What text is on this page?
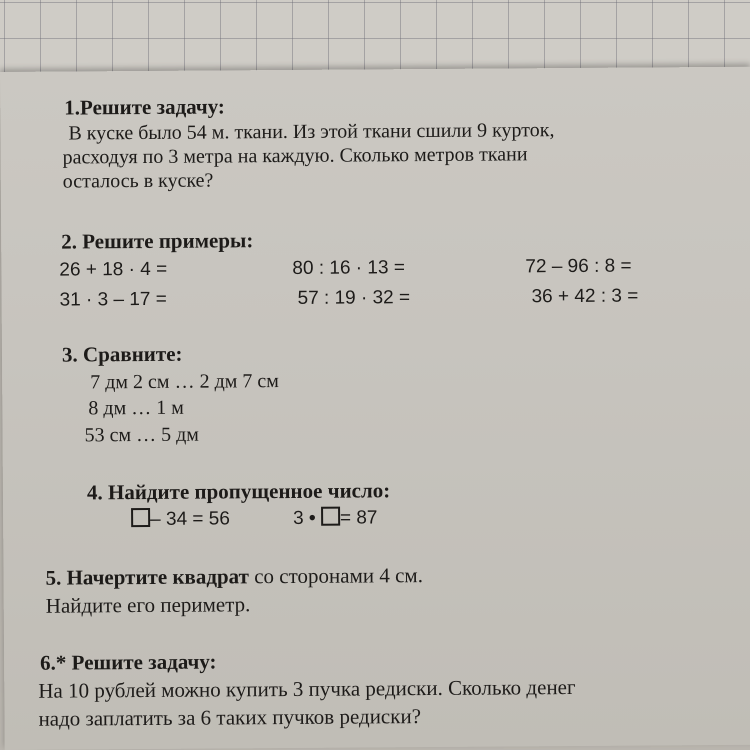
1.Решите задачу:
В куске было 54 м. ткани. Из этой ткани сшили 9 курток,
расходуя по 3 метра на каждую. Сколько метров ткани
осталось в куске?
2. Решите примеры:
26 + 18 · 4 =	80 : 16 · 13 =	72 – 96 : 8 =
31 · 3 – 17 =	57 : 19 · 32 =	36 + 42 : 3 =
3. Сравните:
7 дм 2 см … 2 дм 7 см
8 дм … 1 м
53 см … 5 дм
4. Найдите пропущенное число:
– 34 = 56	3 • = 87
5. Начертите квадрат со сторонами 4 см.
Найдите его периметр.
6.* Решите задачу:
На 10 рублей можно купить 3 пучка редиски. Сколько денег
надо заплатить за 6 таких пучков редиски?
